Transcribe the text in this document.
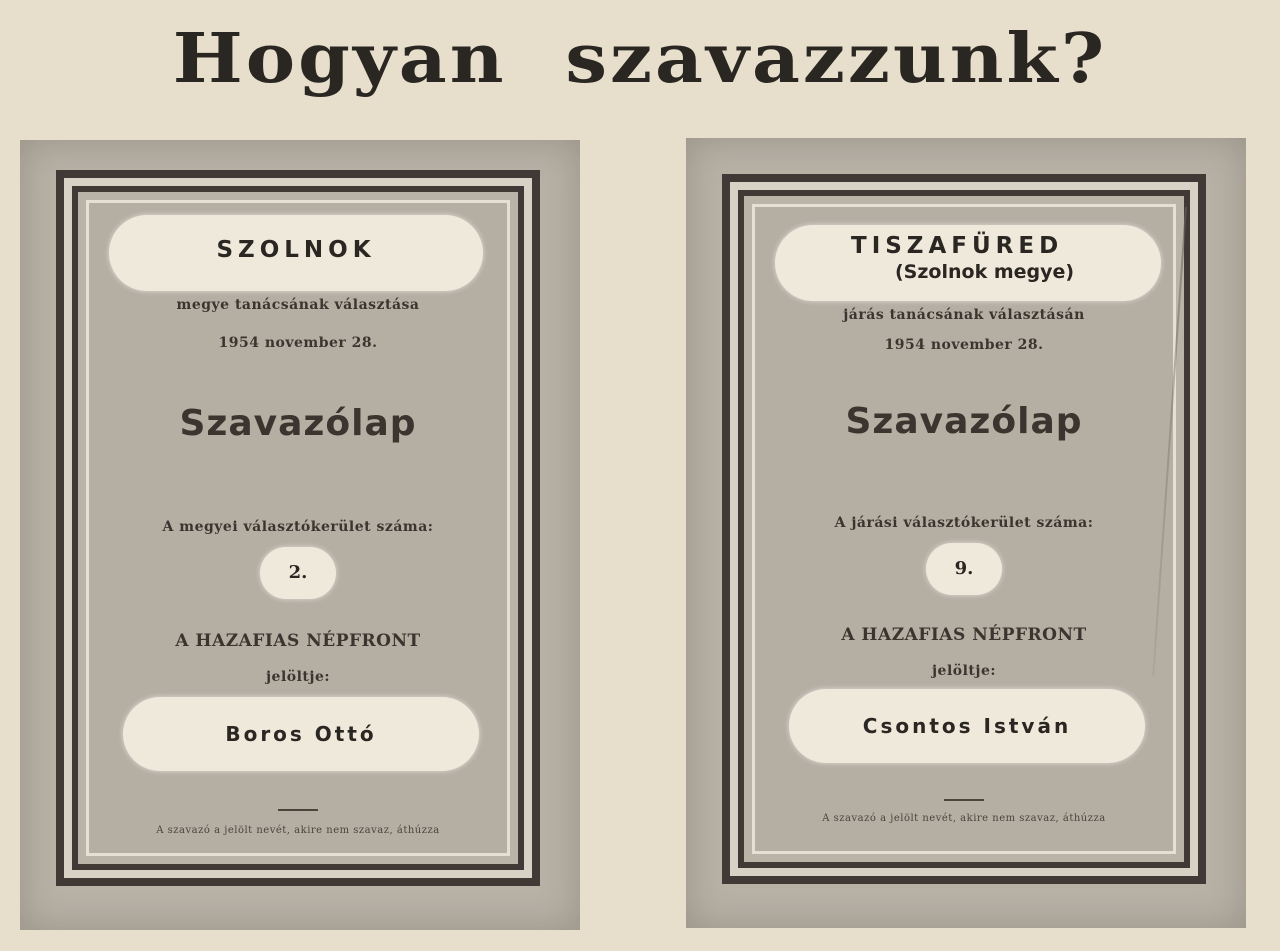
Hogyan szavazzunk?
SZOLNOK
megye tanácsának választása
1954 november 28.
Szavazólap
A megyei választókerület száma:
2.
A HAZAFIAS NÉPFRONT
jelöltje:
Boros Ottó
A szavazó a jelölt nevét, akire nem szavaz, áthúzza
TISZAFÜRED
(Szolnok megye)
járás tanácsának választásán
1954 november 28.
Szavazólap
A járási választókerület száma:
9.
A HAZAFIAS NÉPFRONT
jelöltje:
Csontos István
A szavazó a jelölt nevét, akire nem szavaz, áthúzza
